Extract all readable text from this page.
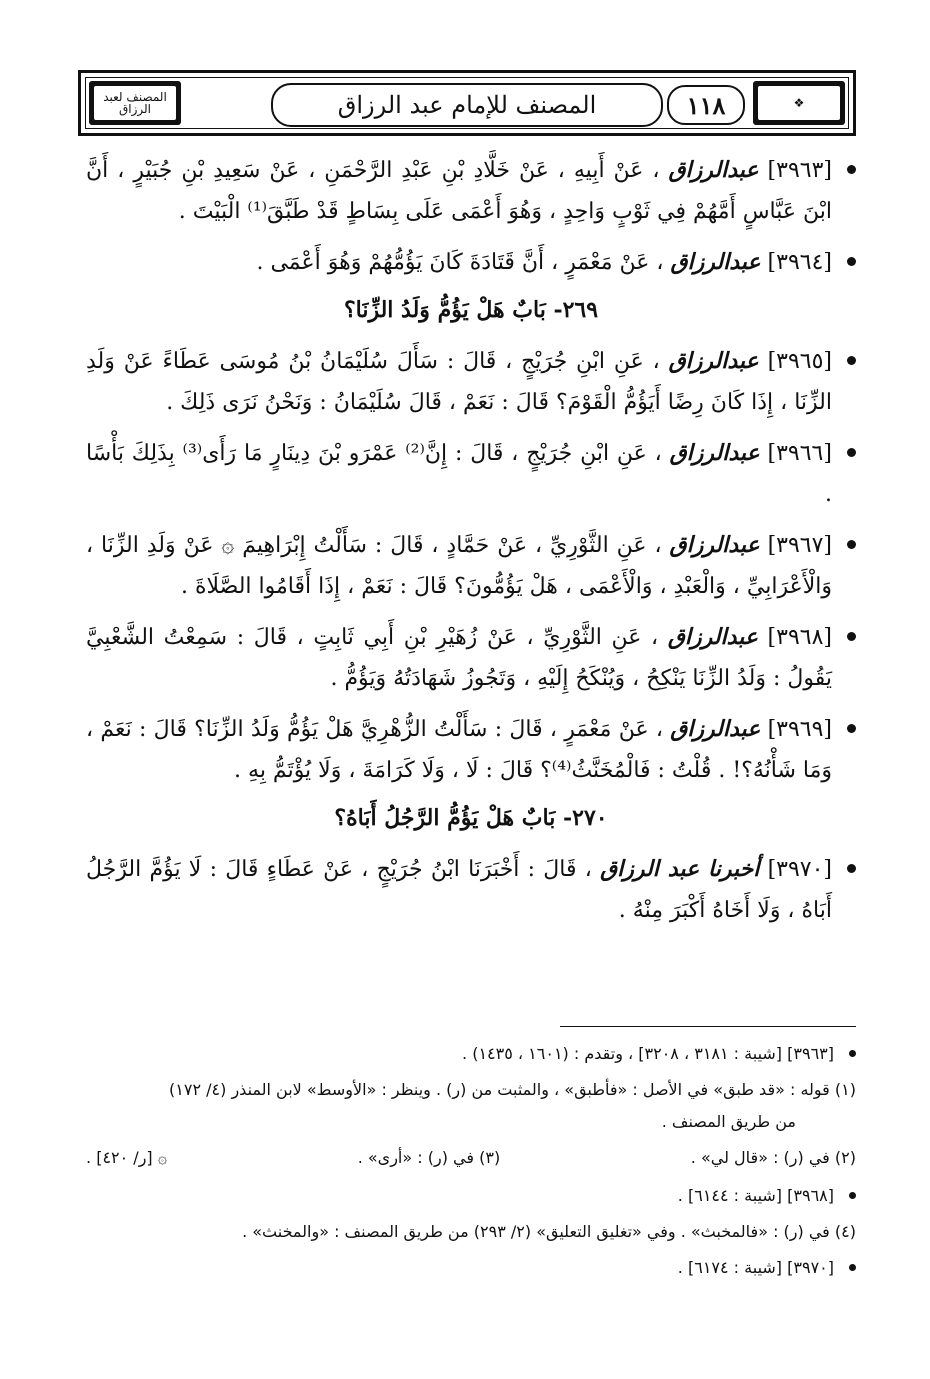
المصنف لعبد الرزاق	المصنف للإمام عبد الرزاق	١١٨	❖
[٣٩٦٣] عبدالرزاق ، عَنْ أَبِيهِ ، عَنْ خَلَّادِ بْنِ عَبْدِ الرَّحْمَنِ ، عَنْ سَعِيدِ بْنِ جُبَيْرٍ ، أَنَّ ابْنَ عَبَّاسٍ أَمَّهُمْ فِي ثَوْبٍ وَاحِدٍ ، وَهُوَ أَعْمَى عَلَى بِسَاطٍ قَدْ طَبَّقَ⁽¹⁾ الْبَيْتَ .
[٣٩٦٤] عبدالرزاق ، عَنْ مَعْمَرٍ ، أَنَّ قَتَادَةَ كَانَ يَؤُمُّهُمْ وَهُوَ أَعْمَى .
٢٦٩- بَابٌ هَلْ يَؤُمُّ وَلَدُ الزِّنَا؟
[٣٩٦٥] عبدالرزاق ، عَنِ ابْنِ جُرَيْجٍ ، قَالَ : سَأَلَ سُلَيْمَانُ بْنُ مُوسَى عَطَاءً عَنْ وَلَدِ الزِّنَا ، إِذَا كَانَ رِضًا أَيَؤُمُّ الْقَوْمَ؟ قَالَ : نَعَمْ ، قَالَ سُلَيْمَانُ : وَنَحْنُ نَرَى ذَلِكَ .
[٣٩٦٦] عبدالرزاق ، عَنِ ابْنِ جُرَيْجٍ ، قَالَ : إِنَّ⁽²⁾ عَمْرَو بْنَ دِينَارٍ مَا رَأَى⁽³⁾ بِذَلِكَ بَأْسًا .
[٣٩٦٧] عبدالرزاق ، عَنِ الثَّوْرِيِّ ، عَنْ حَمَّادٍ ، قَالَ : سَأَلْتُ إِبْرَاهِيمَ ۞ عَنْ وَلَدِ الزِّنَا ، وَالْأَعْرَابِيِّ ، وَالْعَبْدِ ، وَالْأَعْمَى ، هَلْ يَؤُمُّونَ؟ قَالَ : نَعَمْ ، إِذَا أَقَامُوا الصَّلَاةَ .
[٣٩٦٨] عبدالرزاق ، عَنِ الثَّوْرِيِّ ، عَنْ زُهَيْرِ بْنِ أَبِي ثَابِتٍ ، قَالَ : سَمِعْتُ الشَّعْبِيَّ يَقُولُ : وَلَدُ الزِّنَا يَنْكِحُ ، وَيُنْكَحُ إِلَيْهِ ، وَتَجُوزُ شَهَادَتُهُ وَيَؤُمُّ .
[٣٩٦٩] عبدالرزاق ، عَنْ مَعْمَرٍ ، قَالَ : سَأَلْتُ الزُّهْرِيَّ هَلْ يَؤُمُّ وَلَدُ الزِّنَا؟ قَالَ : نَعَمْ ، وَمَا شَأْنُهُ؟! . قُلْتُ : فَالْمُخَنَّثُ⁽⁴⁾؟ قَالَ : لَا ، وَلَا كَرَامَةَ ، وَلَا يُؤْتَمُّ بِهِ .
٢٧٠- بَابٌ هَلْ يَؤُمُّ الرَّجُلُ أَبَاهُ؟
[٣٩٧٠] أخبرنا عبد الرزاق ، قَالَ : أَخْبَرَنَا ابْنُ جُرَيْجٍ ، عَنْ عَطَاءٍ قَالَ : لَا يَؤُمَّ الرَّجُلُ أَبَاهُ ، وَلَا أَخَاهُ أَكْبَرَ مِنْهُ .
[٣٩٦٣] [شيبة : ٣١٨١ ، ٣٢٠٨] ، وتقدم : (١٦٠١ ، ١٤٣٥) .
(١) قوله : «قد طبق» في الأصل : «فأطبق» ، والمثبت من (ر) . وينظر : «الأوسط» لابن المنذر (٤/ ١٧٢)
من طريق المصنف .
(٢) في (ر) : «قال لي» .
(٣) في (ر) : «أرى» .
۞ [ر/ ٤٢٠] .
[٣٩٦٨] [شيبة : ٦١٤٤] .
(٤) في (ر) : «فالمخبث» . وفي «تغليق التعليق» (٢/ ٢٩٣) من طريق المصنف : «والمخنث» .
[٣٩٧٠] [شيبة : ٦١٧٤] .
